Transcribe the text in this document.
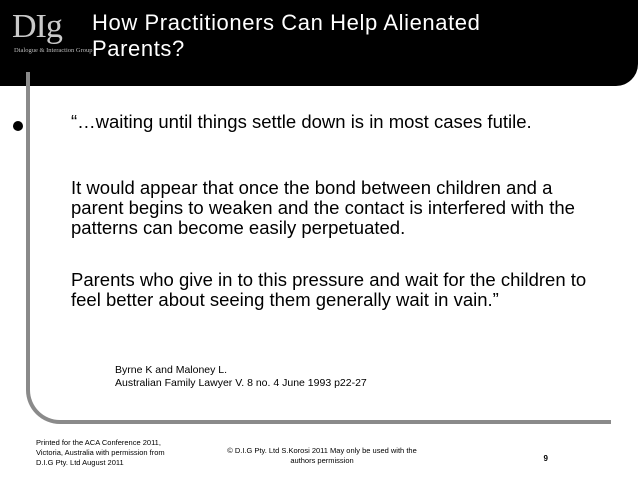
DIg
Dialogue & Interaction Group
How Practitioners Can Help Alienated
Parents?
“…waiting until things settle down is in most cases futile.
It would appear that once the bond between children and a parent begins to weaken and the contact is interfered with the patterns can become easily perpetuated.
Parents who give in to this pressure and wait for the children to feel better about seeing them generally wait in vain.”
Byrne K and Maloney L.
Australian Family Lawyer V. 8 no. 4 June 1993 p22-27
Printed for the ACA Conference 2011,
Victoria, Australia with permission from
D.I.G Pty. Ltd August 2011
© D.I.G Pty. Ltd S.Korosi 2011 May only be used with the
authors permission	9
